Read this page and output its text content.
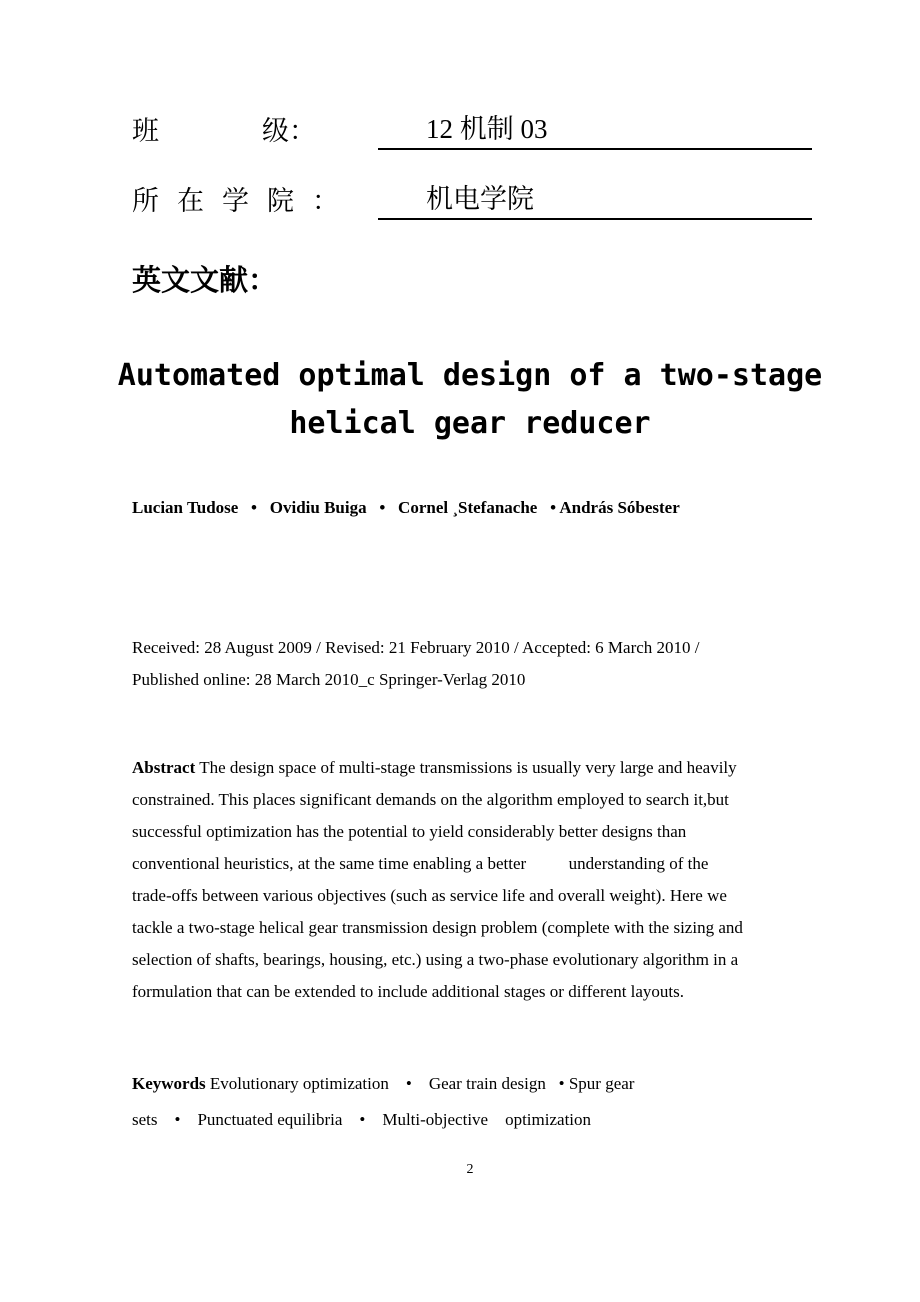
班            级：	12 机制 03
所在学院：	机电学院
英文文献：
Automated optimal design of a two-stage
helical gear reducer
Lucian Tudose   •   Ovidiu Buiga   •   Cornel ¸Stefanache   • András Sóbester
Received: 28 August 2009 / Revised: 21 February 2010 / Accepted: 6 March 2010 /
Published online: 28 March 2010_c Springer-Verlag 2010
Abstract The design space of multi-stage transmissions is usually very large and heavily
constrained. This places significant demands on the algorithm employed to search it,but
successful optimization has the potential to yield considerably better designs than
conventional heuristics, at the same time enabling a better          understanding of the
trade-offs between various objectives (such as service life and overall weight). Here we
tackle a two-stage helical gear transmission design problem (complete with the sizing and
selection of shafts, bearings, housing, etc.) using a two-phase evolutionary algorithm in a
formulation that can be extended to include additional stages or different layouts.
Keywords Evolutionary optimization    •    Gear train design   • Spur gear
sets    •    Punctuated equilibria    •    Multi-objective    optimization
2
